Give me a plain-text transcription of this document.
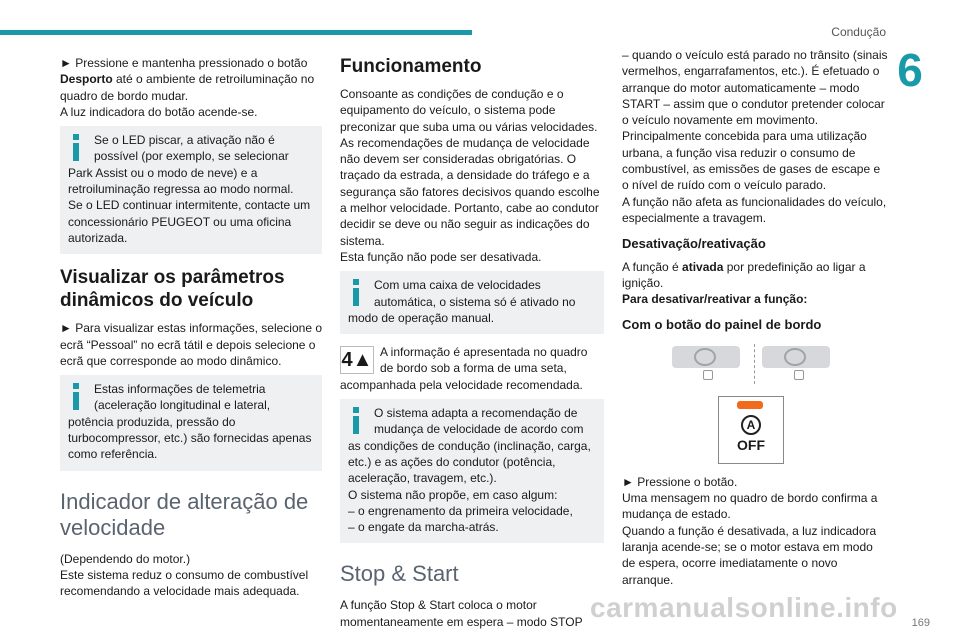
Condução
6

► Pressione e mantenha pressionado o botão Desporto até o ambiente de retroiluminação no quadro de bordo mudar.

A luz indicadora do botão acende-se.

Se o LED piscar, a ativação não é possível (por exemplo, se selecionar Park Assist ou o modo de neve) e a retroiluminação regressa ao modo normal.

Se o LED continuar intermitente, contacte um concessionário PEUGEOT ou uma oficina autorizada.

Visualizar os parâmetros dinâmicos do veículo

► Para visualizar estas informações, selecione o ecrã “Pessoal” no ecrã tátil e depois selecione o ecrã que corresponde ao modo dinâmico.

Estas informações de telemetria (aceleração longitudinal e lateral, potência produzida, pressão do turbocompressor, etc.) são fornecidas apenas como referência.

Indicador de alteração de velocidade

(Dependendo do motor.)

Este sistema reduz o consumo de combustível recomendando a velocidade mais adequada.

Funcionamento

Consoante as condições de condução e o equipamento do veículo, o sistema pode preconizar que suba uma ou várias velocidades.

As recomendações de mudança de velocidade não devem ser consideradas obrigatórias. O traçado da estrada, a densidade do tráfego e a segurança são fatores decisivos quando escolhe a melhor velocidade. Portanto, cabe ao condutor decidir se deve ou não seguir as indicações do sistema.

Esta função não pode ser desativada.

Com uma caixa de velocidades automática, o sistema só é ativado no modo de operação manual.

4▲ A informação é apresentada no quadro de bordo sob a forma de uma seta, acompanhada pela velocidade recomendada.

O sistema adapta a recomendação de mudança de velocidade de acordo com as condições de condução (inclinação, carga, etc.) e as ações do condutor (potência, aceleração, travagem, etc.).

O sistema não propõe, em caso algum:

– o engrenamento da primeira velocidade,

– o engate da marcha-atrás.

Stop & Start

A função Stop & Start coloca o motor momentaneamente em espera – modo STOP

– quando o veículo está parado no trânsito (sinais vermelhos, engarrafamentos, etc.). É efetuado o arranque do motor automaticamente – modo START – assim que o condutor pretender colocar o veículo novamente em movimento.

Principalmente concebida para uma utilização urbana, a função visa reduzir o consumo de combustível, as emissões de gases de escape e o nível de ruído com o veículo parado.

A função não afeta as funcionalidades do veículo, especialmente a travagem.

Desativação/reativação

A função é ativada por predefinição ao ligar a ignição.

Para desativar/reativar a função:

Com o botão do painel de bordo
A
OFF

► Pressione o botão.

Uma mensagem no quadro de bordo confirma a mudança de estado.

Quando a função é desativada, a luz indicadora laranja acende-se; se o motor estava em modo de espera, ocorre imediatamente o novo arranque.

169
carmanualsonline.info
